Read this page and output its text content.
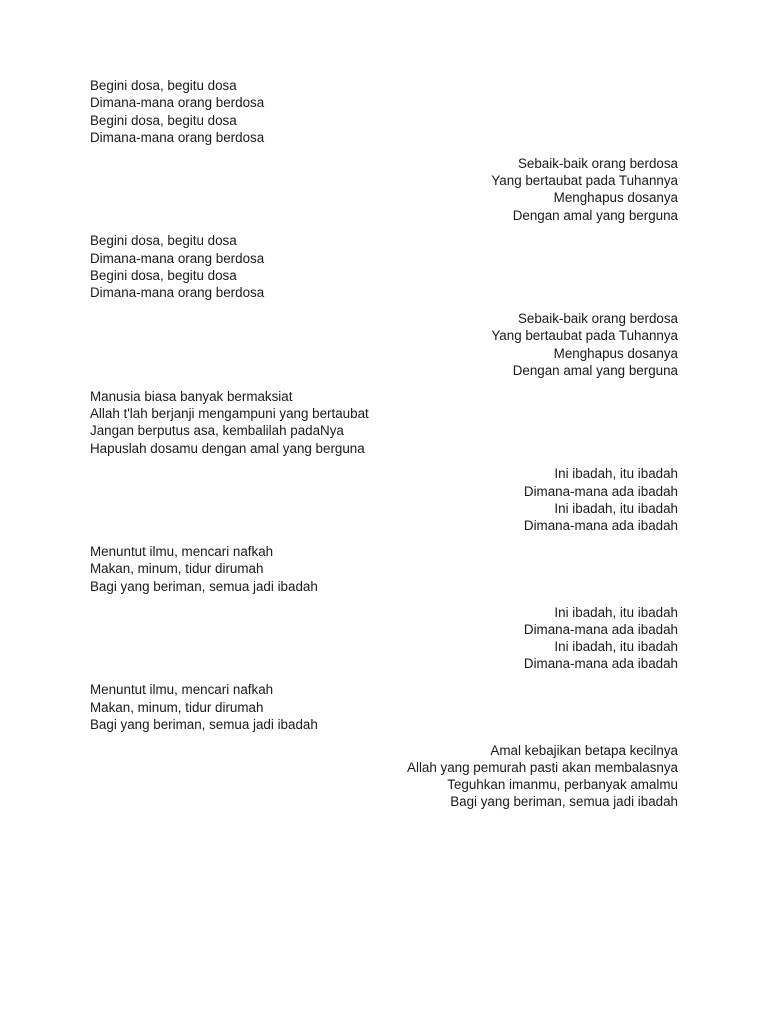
Begini dosa, begitu dosa
Dimana-mana orang berdosa
Begini dosa, begitu dosa
Dimana-mana orang berdosa
Sebaik-baik orang berdosa
Yang bertaubat pada Tuhannya
Menghapus dosanya
Dengan amal yang berguna
Begini dosa, begitu dosa
Dimana-mana orang berdosa
Begini dosa, begitu dosa
Dimana-mana orang berdosa
Sebaik-baik orang berdosa
Yang bertaubat pada Tuhannya
Menghapus dosanya
Dengan amal yang berguna
Manusia biasa banyak bermaksiat
Allah t'lah berjanji mengampuni yang bertaubat
Jangan berputus asa, kembalilah padaNya
Hapuslah dosamu dengan amal yang berguna
Ini ibadah, itu ibadah
Dimana-mana ada ibadah
Ini ibadah, itu ibadah
Dimana-mana ada ibadah
Menuntut ilmu, mencari nafkah
Makan, minum, tidur dirumah
Bagi yang beriman, semua jadi ibadah
Ini ibadah, itu ibadah
Dimana-mana ada ibadah
Ini ibadah, itu ibadah
Dimana-mana ada ibadah
Menuntut ilmu, mencari nafkah
Makan, minum, tidur dirumah
Bagi yang beriman, semua jadi ibadah
Amal kebajikan betapa kecilnya
Allah yang pemurah pasti akan membalasnya
Teguhkan imanmu, perbanyak amalmu
Bagi yang beriman, semua jadi ibadah
